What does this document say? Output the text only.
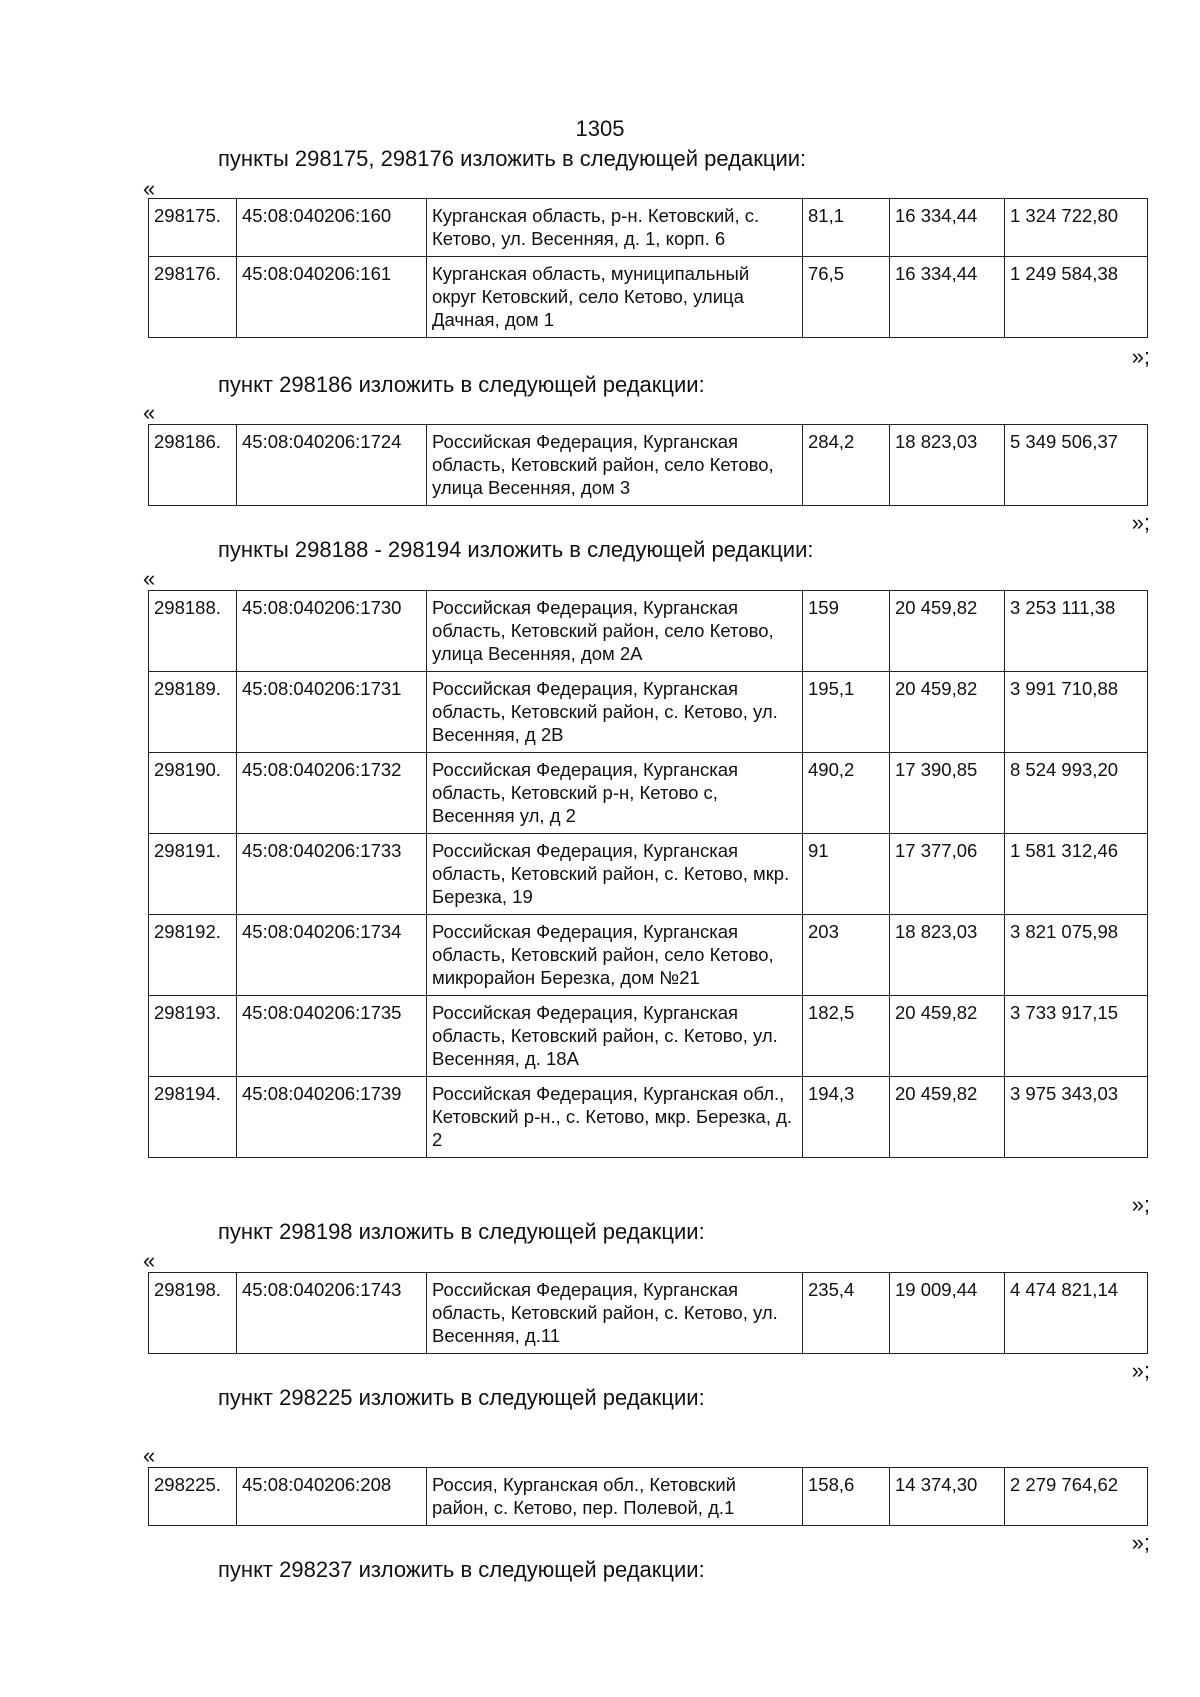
1305
пункты 298175, 298176 изложить в следующей редакции:
«
298175.	45:08:040206:160	Курганская область, р-н. Кетовский, с. Кетово, ул. Весенняя, д. 1, корп. 6	81,1	16 334,44	1 324 722,80
298176.	45:08:040206:161	Курганская область, муниципальный округ Кетовский, село Кетово, улица Дачная, дом 1	76,5	16 334,44	1 249 584,38
»;
пункт 298186 изложить в следующей редакции:
«
298186.	45:08:040206:1724	Российская Федерация, Курганская область, Кетовский район, село Кетово, улица Весенняя, дом 3	284,2	18 823,03	5 349 506,37
»;
пункты 298188 - 298194 изложить в следующей редакции:
«
298188.	45:08:040206:1730	Российская Федерация, Курганская область, Кетовский район, село Кетово, улица Весенняя, дом 2А	159	20 459,82	3 253 111,38
298189.	45:08:040206:1731	Российская Федерация, Курганская область, Кетовский район, с. Кетово, ул. Весенняя, д 2В	195,1	20 459,82	3 991 710,88
298190.	45:08:040206:1732	Российская Федерация, Курганская область, Кетовский р-н, Кетово с, Весенняя ул, д 2	490,2	17 390,85	8 524 993,20
298191.	45:08:040206:1733	Российская Федерация, Курганская область, Кетовский район, с. Кетово, мкр. Березка, 19	91	17 377,06	1 581 312,46
298192.	45:08:040206:1734	Российская Федерация, Курганская область, Кетовский район, село Кетово, микрорайон Березка, дом №21	203	18 823,03	3 821 075,98
298193.	45:08:040206:1735	Российская Федерация, Курганская область, Кетовский район, с. Кетово, ул. Весенняя, д. 18А	182,5	20 459,82	3 733 917,15
298194.	45:08:040206:1739	Российская Федерация, Курганская обл., Кетовский р-н., с. Кетово, мкр. Березка, д. 2	194,3	20 459,82	3 975 343,03
»;
пункт 298198 изложить в следующей редакции:
«
298198.	45:08:040206:1743	Российская Федерация, Курганская область, Кетовский район, с. Кетово, ул. Весенняя, д.11	235,4	19 009,44	4 474 821,14
»;
пункт 298225 изложить в следующей редакции:
«
298225.	45:08:040206:208	Россия, Курганская обл., Кетовский район, с. Кетово, пер. Полевой, д.1	158,6	14 374,30	2 279 764,62
»;
пункт 298237 изложить в следующей редакции:
